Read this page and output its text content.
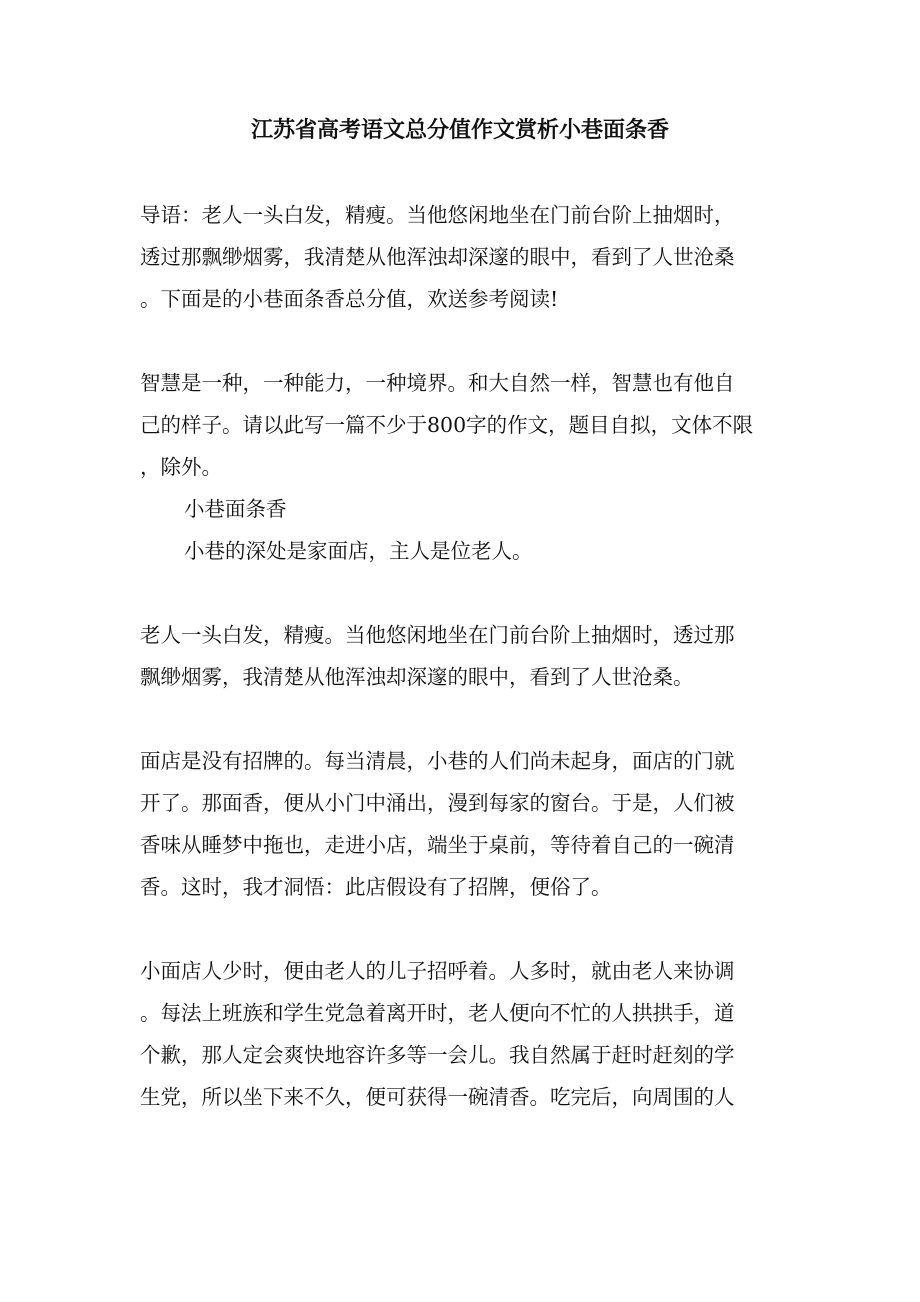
江苏省高考语文总分值作文赏析小巷面条香
导语：老人一头白发，精瘦。当他悠闲地坐在门前台阶上抽烟时，
透过那飘缈烟雾，我清楚从他浑浊却深邃的眼中，看到了人世沧桑
。下面是的小巷面条香总分值，欢送参考阅读!
智慧是一种，一种能力，一种境界。和大自然一样，智慧也有他自
己的样子。请以此写一篇不少于800字的作文，题目自拟，文体不限
，除外。
小巷面条香
小巷的深处是家面店，主人是位老人。
老人一头白发，精瘦。当他悠闲地坐在门前台阶上抽烟时，透过那
飘缈烟雾，我清楚从他浑浊却深邃的眼中，看到了人世沧桑。
面店是没有招牌的。每当清晨，小巷的人们尚未起身，面店的门就
开了。那面香，便从小门中涌出，漫到每家的窗台。于是，人们被
香味从睡梦中拖也，走进小店，端坐于桌前，等待着自己的一碗清
香。这时，我才洞悟：此店假设有了招牌，便俗了。
小面店人少时，便由老人的儿子招呼着。人多时，就由老人来协调
。每法上班族和学生党急着离开时，老人便向不忙的人拱拱手，道
个歉，那人定会爽快地容许多等一会儿。我自然属于赶时赶刻的学
生党，所以坐下来不久，便可获得一碗清香。吃完后，向周围的人
